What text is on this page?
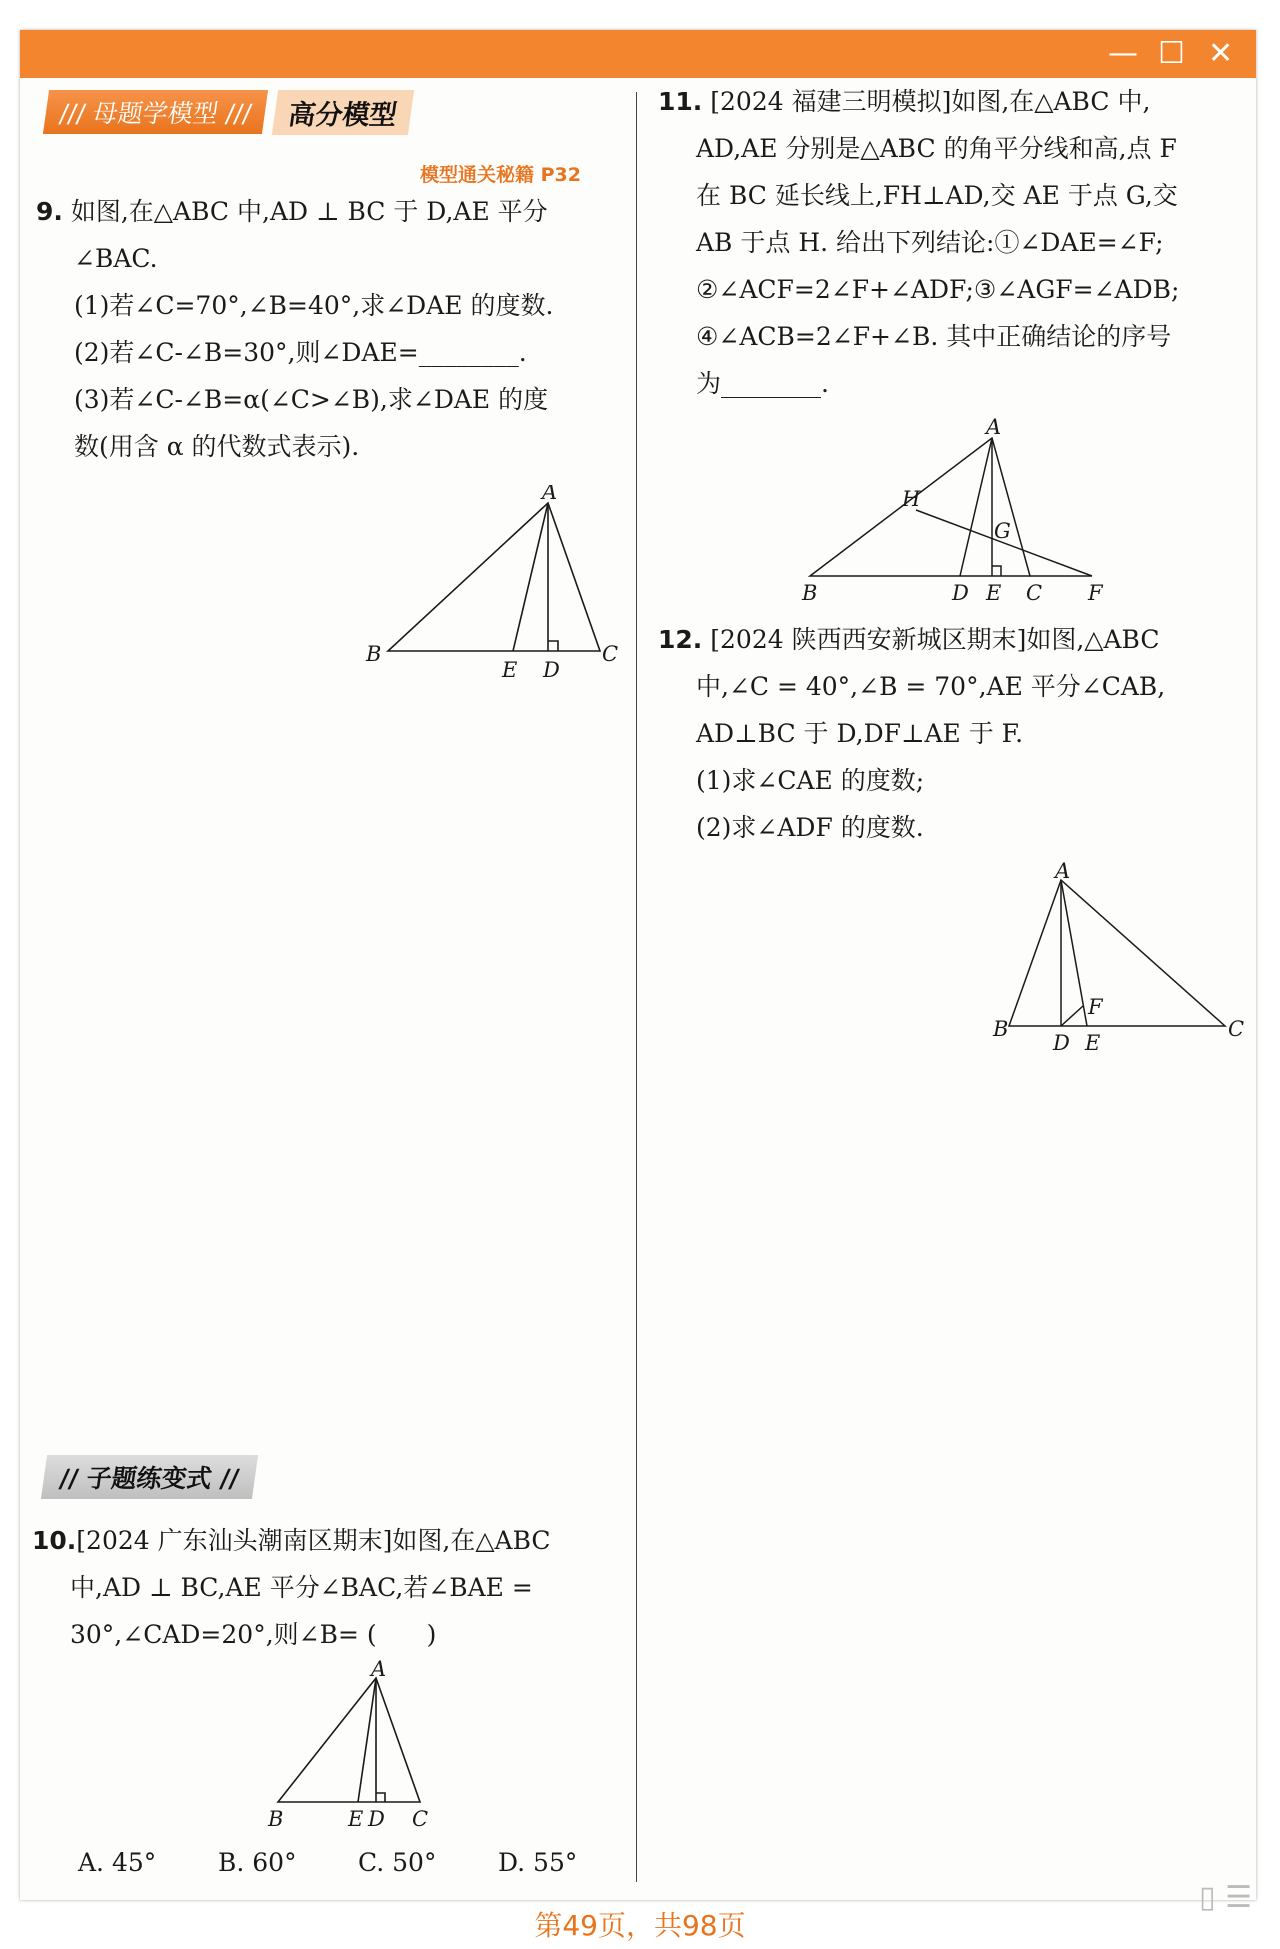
— ☐ ✕
/// 母题学模型 ///	高分模型
模型通关秘籍 P32
9. 如图,在△ABC 中,AD ⊥ BC 于 D,AE 平分
∠BAC.
(1)若∠C=70°,∠B=40°,求∠DAE 的度数.
(2)若∠C-∠B=30°,则∠DAE=________.
(3)若∠C-∠B=α(∠C>∠B),求∠DAE 的度
数(用含 α 的代数式表示).
A
B	C
D
E
// 子题练变式 //
10.[2024 广东汕头潮南区期末]如图,在△ABC
中,AD ⊥ BC,AE 平分∠BAC,若∠BAE =
30°,∠CAD=20°,则∠B= (　　)
A
B	C
D
E
A. 45°	B. 60°	C. 50°	D. 55°
11. [2024 福建三明模拟]如图,在△ABC 中,
AD,AE 分别是△ABC 的角平分线和高,点 F
在 BC 延长线上,FH⊥AD,交 AE 于点 G,交
AB 于点 H. 给出下列结论:①∠DAE=∠F;
②∠ACF=2∠F+∠ADF;③∠AGF=∠ADB;
④∠ACB=2∠F+∠B. 其中正确结论的序号
为________.
A
B	C
D E	F
G
H
12. [2024 陕西西安新城区期末]如图,△ABC
中,∠C = 40°,∠B = 70°,AE 平分∠CAB,
AD⊥BC 于 D,DF⊥AE 于 F.
(1)求∠CAE 的度数;
(2)求∠ADF 的度数.
A
B	C
D E
F
▯ ☰
第49页，共98页
